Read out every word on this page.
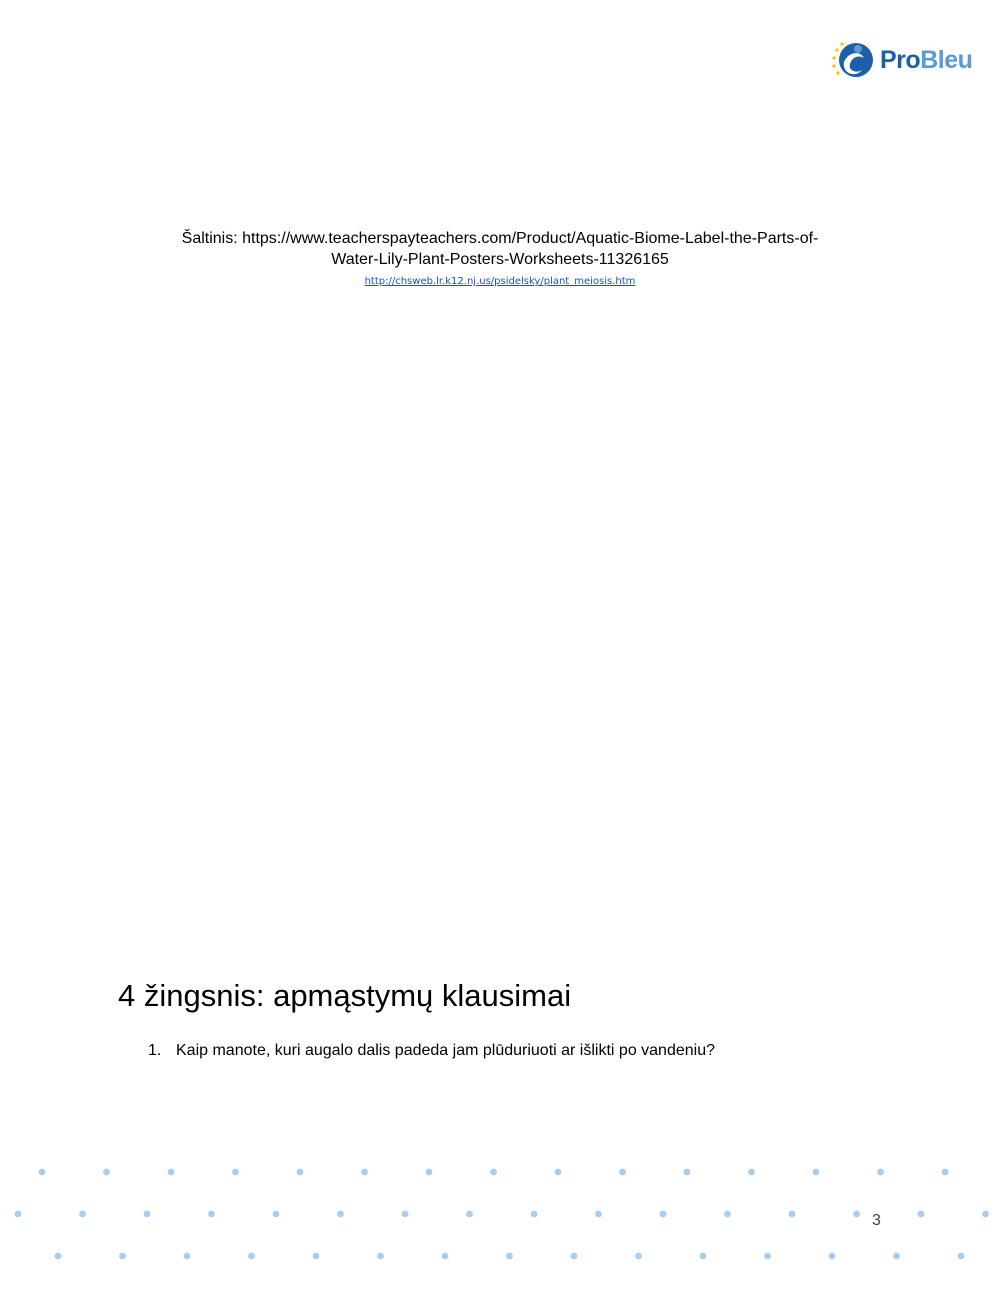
ProBleu
Šaltinis: https://www.teacherspayteachers.com/Product/Aquatic-Biome-Label-the-Parts-of-
Water-Lily-Plant-Posters-Worksheets-11326165
http://chsweb.lr.k12.nj.us/psidelsky/plant_meiosis.htm
4 žingsnis: apmąstymų klausimai
1. Kaip manote, kuri augalo dalis padeda jam plūduriuoti ar išlikti po vandeniu?
3
